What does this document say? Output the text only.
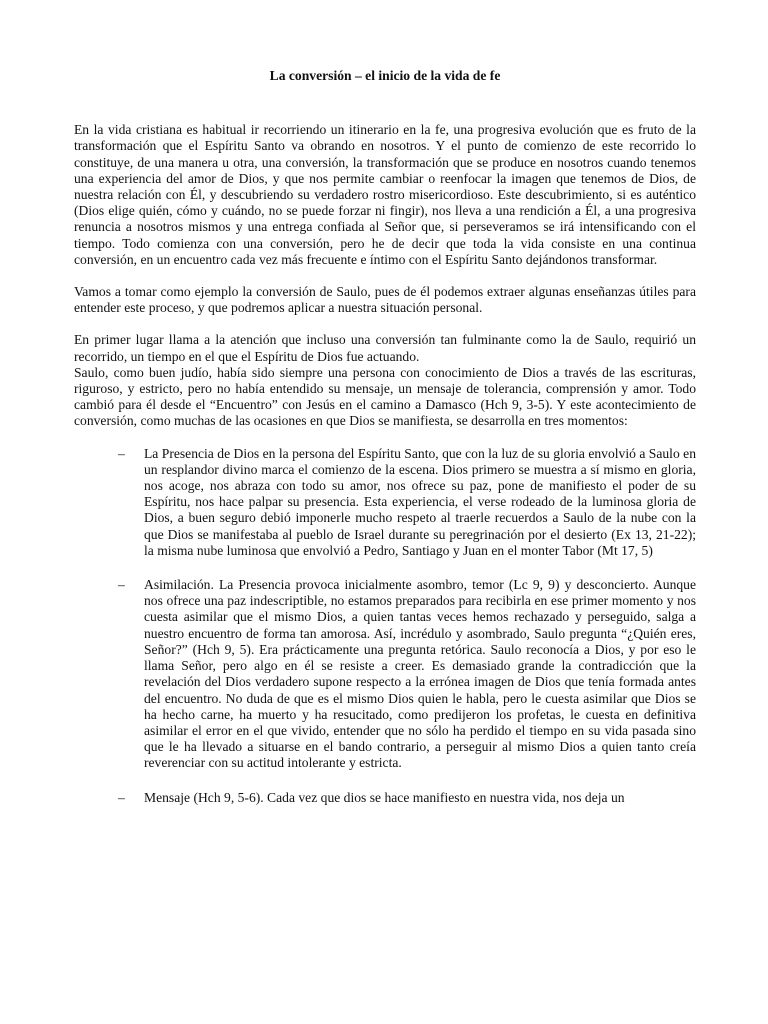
La conversión – el inicio de la vida de fe

En la vida cristiana es habitual ir recorriendo un itinerario en la fe, una progresiva evolución que es fruto de la transformación que el Espíritu Santo va obrando en nosotros. Y el punto de comienzo de este recorrido lo constituye, de una manera u otra, una conversión, la transformación que se produce en nosotros cuando tenemos una experiencia del amor de Dios, y que nos permite cambiar o reenfocar la imagen que tenemos de Dios, de nuestra relación con Él, y descubriendo su verdadero rostro misericordioso. Este descubrimiento, si es auténtico (Dios elige quién, cómo y cuándo, no se puede forzar ni fingir), nos lleva a una rendición a Él, a una progresiva renuncia a nosotros mismos y una entrega confiada al Señor que, si perseveramos se irá intensificando con el tiempo. Todo comienza con una conversión, pero he de decir que toda la vida consiste en una continua conversión, en un encuentro cada vez más frecuente e íntimo con el Espíritu Santo dejándonos transformar.

Vamos a tomar como ejemplo la conversión de Saulo, pues de él podemos extraer algunas enseñanzas útiles para entender este proceso, y que podremos aplicar a nuestra situación personal.

En primer lugar llama a la atención que incluso una conversión tan fulminante como la de Saulo, requirió un recorrido, un tiempo en el que el Espíritu de Dios fue actuando.

Saulo, como buen judío, había sido siempre una persona con conocimiento de Dios a través de las escrituras, riguroso, y estricto, pero no había entendido su mensaje, un mensaje de tolerancia, comprensión y amor. Todo cambió para él desde el “Encuentro” con Jesús en el camino a Damasco (Hch 9, 3-5). Y este acontecimiento de conversión, como muchas de las ocasiones en que Dios se manifiesta, se desarrolla en tres momentos:

– La Presencia de Dios en la persona del Espíritu Santo, que con la luz de su gloria envolvió a Saulo en un resplandor divino marca el comienzo de la escena. Dios primero se muestra a sí mismo en gloria, nos acoge, nos abraza con todo su amor, nos ofrece su paz, pone de manifiesto el poder de su Espíritu, nos hace palpar su presencia. Esta experiencia, el verse rodeado de la luminosa gloria de Dios, a buen seguro debió imponerle mucho respeto al traerle recuerdos a Saulo de la nube con la que Dios se manifestaba al pueblo de Israel durante su peregrinación por el desierto (Ex 13, 21-22); la misma nube luminosa que envolvió a Pedro, Santiago y Juan en el monter Tabor (Mt 17, 5)
– Asimilación. La Presencia provoca inicialmente asombro, temor (Lc 9, 9) y desconcierto. Aunque nos ofrece una paz indescriptible, no estamos preparados para recibirla en ese primer momento y nos cuesta asimilar que el mismo Dios, a quien tantas veces hemos rechazado y perseguido, salga a nuestro encuentro de forma tan amorosa. Así, incrédulo y asombrado, Saulo pregunta “¿Quién eres, Señor?” (Hch 9, 5). Era prácticamente una pregunta retórica. Saulo reconocía a Dios, y por eso le llama Señor, pero algo en él se resiste a creer. Es demasiado grande la contradicción que la revelación del Dios verdadero supone respecto a la errónea imagen de Dios que tenía formada antes del encuentro. No duda de que es el mismo Dios quien le habla, pero le cuesta asimilar que Dios se ha hecho carne, ha muerto y ha resucitado, como predijeron los profetas, le cuesta en definitiva asimilar el error en el que vivido, entender que no sólo ha perdido el tiempo en su vida pasada sino que le ha llevado a situarse en el bando contrario, a perseguir al mismo Dios a quien tanto creía reverenciar con su actitud intolerante y estricta.
– Mensaje (Hch 9, 5-6). Cada vez que dios se hace manifiesto en nuestra vida, nos deja un
